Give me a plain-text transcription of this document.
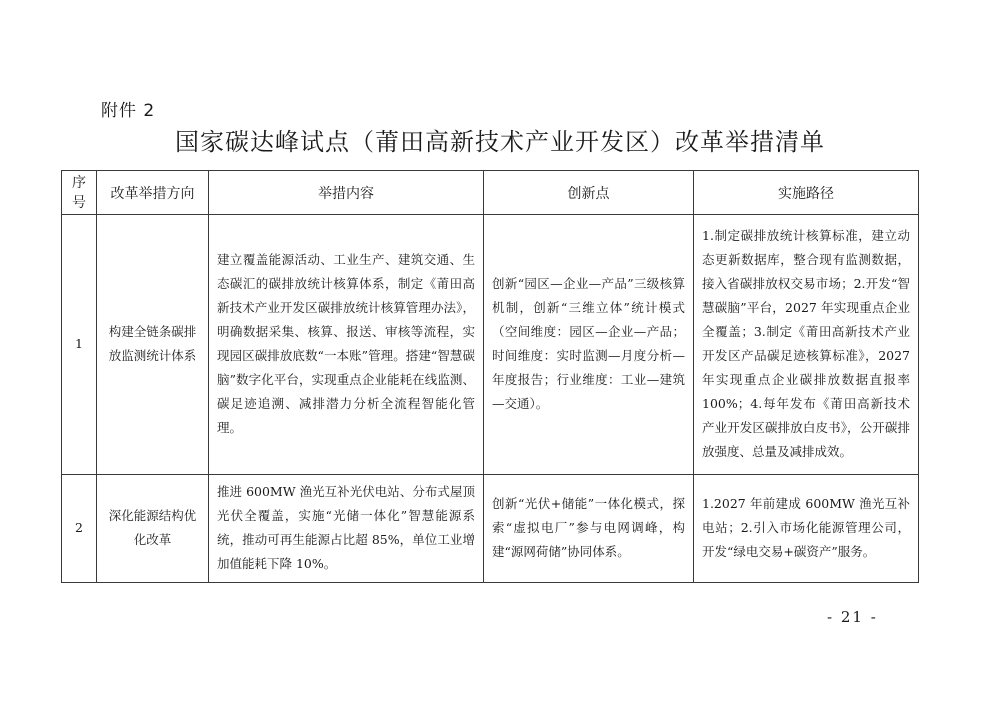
附件 2
国家碳达峰试点（莆田高新技术产业开发区）改革举措清单
序号	改革举措方向	举措内容	创新点	实施路径
1	构建全链条碳排放监测统计体系	建立覆盖能源活动、工业生产、建筑交通、生态碳汇的碳排放统计核算体系，制定《莆田高新技术产业开发区碳排放统计核算管理办法》，明确数据采集、核算、报送、审核等流程，实现园区碳排放底数“一本账”管理。搭建“智慧碳脑”数字化平台，实现重点企业能耗在线监测、碳足迹追溯、减排潜力分析全流程智能化管理。	创新“园区—企业—产品”三级核算机制，创新“三维立体”统计模式（空间维度：园区—企业—产品；时间维度：实时监测—月度分析—年度报告；行业维度：工业—建筑—交通）。	1.制定碳排放统计核算标准，建立动态更新数据库，整合现有监测数据，接入省碳排放权交易市场；2.开发“智慧碳脑”平台，2027 年实现重点企业全覆盖；3.制定《莆田高新技术产业开发区产品碳足迹核算标准》，2027 年实现重点企业碳排放数据直报率 100%；4.每年发布《莆田高新技术产业开发区碳排放白皮书》，公开碳排放强度、总量及减排成效。
2	深化能源结构优化改革	推进 600MW 渔光互补光伏电站、分布式屋顶光伏全覆盖，实施“光储一体化”智慧能源系统，推动可再生能源占比超 85%，单位工业增加值能耗下降 10%。	创新“光伏+储能”一体化模式，探索“虚拟电厂”参与电网调峰，构建“源网荷储”协同体系。	1.2027 年前建成 600MW 渔光互补电站；2.引入市场化能源管理公司，开发“绿电交易+碳资产”服务。
- 21 -
